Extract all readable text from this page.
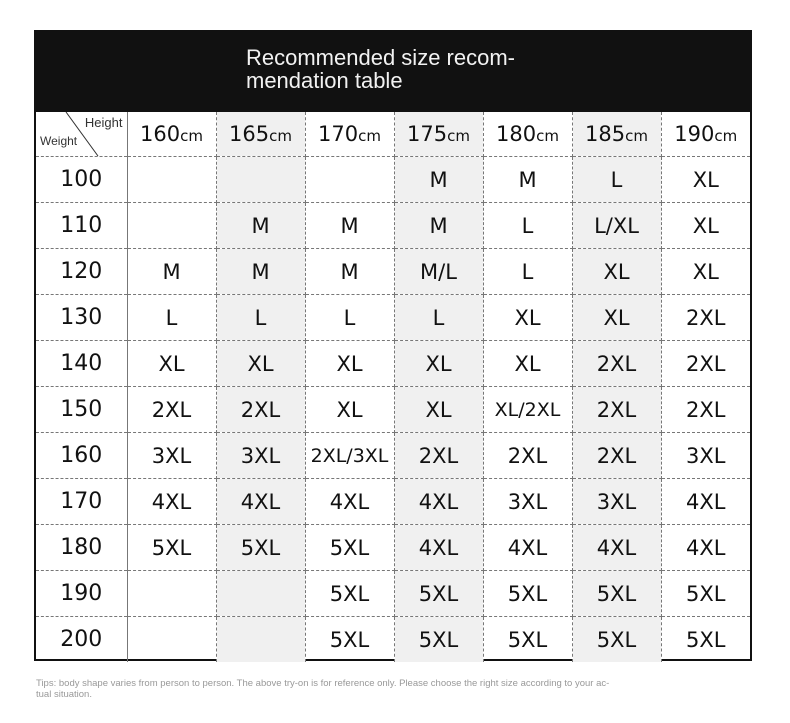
Recommended size recom-
mendation table
Height
Weight	160cm	165cm	170cm	175cm	180cm	185cm	190cm
100				M	M	L	XL
110		M	M	M	L	L/XL	XL
120	M	M	M	M/L	L	XL	XL
130	L	L	L	L	XL	XL	2XL
140	XL	XL	XL	XL	XL	2XL	2XL
150	2XL	2XL	XL	XL	XL/2XL	2XL	2XL
160	3XL	3XL	2XL/3XL	2XL	2XL	2XL	3XL
170	4XL	4XL	4XL	4XL	3XL	3XL	4XL
180	5XL	5XL	5XL	4XL	4XL	4XL	4XL
190			5XL	5XL	5XL	5XL	5XL
200			5XL	5XL	5XL	5XL	5XL
Tips: body shape varies from person to person. The above try-on is for reference only. Please choose the right size according to your ac-
tual situation.
